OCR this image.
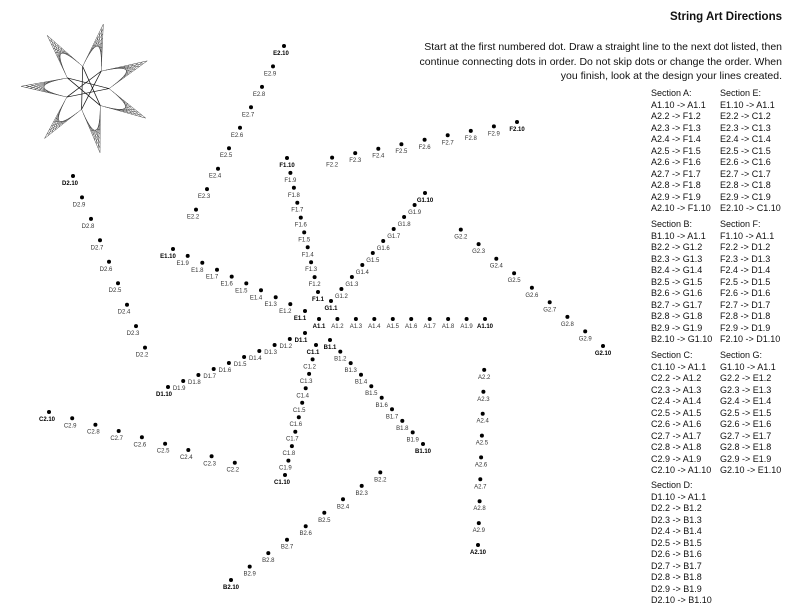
A1.1 A1.2 A1.3 A1.4 A1.5 A1.6 A1.7 A1.8 A1.9 A1.10
A2.2
A2.3
A2.4
A2.5
A2.6
A2.7
A2.8
A2.9
A2.10
B1.1
B1.2
B1.3
B1.4
B1.5
B1.6
B1.7
B1.8
B1.9
B1.10
B2.2
B2.3
B2.4
B2.5
B2.6
B2.7
B2.8
B2.9
B2.10
C1.1
C1.2
C1.3
C1.4
C1.5
C1.6
C1.7
C1.8
C1.9
C1.10
C2.2
C2.3
C2.4
C2.5
C2.6
C2.7
C2.8
C2.9
C2.10
D1.1
D1.2
D1.3
D1.4
D1.5
D1.6
D1.7
D1.8
D1.9
D1.10
D2.2
D2.3
D2.4
D2.5
D2.6
D2.7
D2.8
D2.9
D2.10
E1.1
E1.2
E1.3
E1.4
E1.5
E1.6
E1.7
E1.8
E1.9
E1.10
E2.2
E2.3
E2.4
E2.5
E2.6
E2.7
E2.8
E2.9
E2.10
F1.1
F1.2
F1.3
F1.4
F1.5
F1.6
F1.7
F1.8
F1.9
F1.10	F2.2
F2.3
F2.4
F2.5
F2.6
F2.7
F2.8
F2.9
F2.10
G1.1
G1.2
G1.3
G1.4
G1.5
G1.6
G1.7
G1.8
G1.9
G1.10
G2.2
G2.3
G2.4
G2.5
G2.6
G2.7
G2.8
G2.9
G2.10
String Art Directions

Start at the first numbered dot. Draw a straight line to the next dot listed, then continue connecting dots in order. Do not skip dots or change the order. When you finish, look at the design your lines created.

Section A:
A1.10 -> A1.1
A2.2 -> F1.2
A2.3 -> F1.3
A2.4 -> F1.4
A2.5 -> F1.5
A2.6 -> F1.6
A2.7 -> F1.7
A2.8 -> F1.8
A2.9 -> F1.9
A2.10 -> F1.10
Section E:
E1.10 -> A1.1
E2.2 -> C1.2
E2.3 -> C1.3
E2.4 -> C1.4
E2.5 -> C1.5
E2.6 -> C1.6
E2.7 -> C1.7
E2.8 -> C1.8
E2.9 -> C1.9
E2.10 -> C1.10
Section B:
B1.10 -> A1.1
B2.2 -> G1.2
B2.3 -> G1.3
B2.4 -> G1.4
B2.5 -> G1.5
B2.6 -> G1.6
B2.7 -> G1.7
B2.8 -> G1.8
B2.9 -> G1.9
B2.10 -> G1.10
Section F:
F1.10 -> A1.1
F2.2 -> D1.2
F2.3 -> D1.3
F2.4 -> D1.4
F2.5 -> D1.5
F2.6 -> D1.6
F2.7 -> D1.7
F2.8 -> D1.8
F2.9 -> D1.9
F2.10 -> D1.10
Section C:
C1.10 -> A1.1
C2.2 -> A1.2
C2.3 -> A1.3
C2.4 -> A1.4
C2.5 -> A1.5
C2.6 -> A1.6
C2.7 -> A1.7
C2.8 -> A1.8
C2.9 -> A1.9
C2.10 -> A1.10
Section G:
G1.10 -> A1.1
G2.2 -> E1.2
G2.3 -> E1.3
G2.4 -> E1.4
G2.5 -> E1.5
G2.6 -> E1.6
G2.7 -> E1.7
G2.8 -> E1.8
G2.9 -> E1.9
G2.10 -> E1.10
Section D:
D1.10 -> A1.1
D2.2 -> B1.2
D2.3 -> B1.3
D2.4 -> B1.4
D2.5 -> B1.5
D2.6 -> B1.6
D2.7 -> B1.7
D2.8 -> B1.8
D2.9 -> B1.9
D2.10 -> B1.10
